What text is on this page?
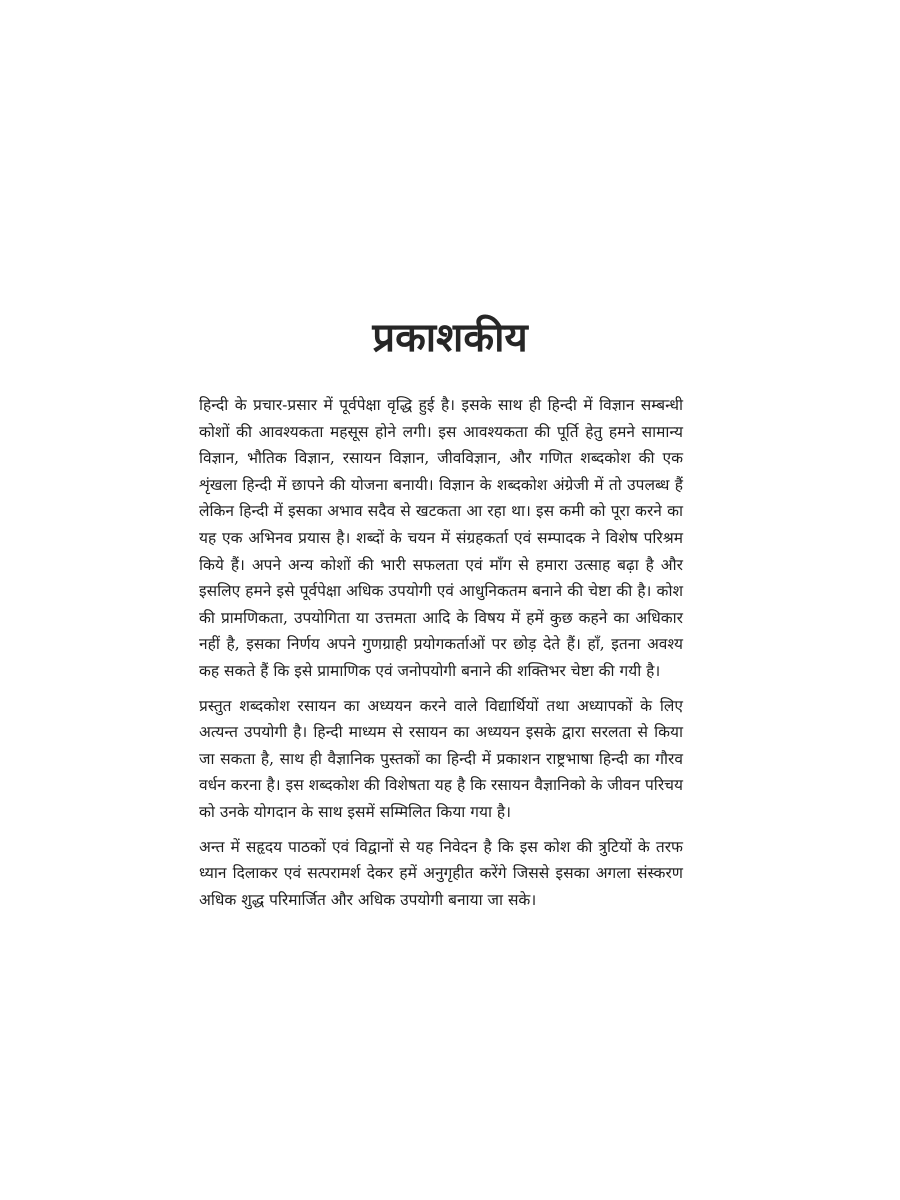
प्रकाशकीय

हिन्दी के प्रचार-प्रसार में पूर्वपेक्षा वृद्धि हुई है। इसके साथ ही हिन्दी में विज्ञान सम्बन्धी कोशों की आवश्यकता महसूस होने लगी। इस आवश्यकता की पूर्ति हेतु हमने सामान्य विज्ञान, भौतिक विज्ञान, रसायन विज्ञान, जीवविज्ञान, और गणित शब्दकोश की एक शृंखला हिन्दी में छापने की योजना बनायी। विज्ञान के शब्दकोश अंग्रेजी में तो उपलब्ध हैं लेकिन हिन्दी में इसका अभाव सदैव से खटकता आ रहा था। इस कमी को पूरा करने का यह एक अभिनव प्रयास है। शब्दों के चयन में संग्रहकर्ता एवं सम्पादक ने विशेष परिश्रम किये हैं। अपने अन्य कोशों की भारी सफलता एवं माँग से हमारा उत्साह बढ़ा है और इसलिए हमने इसे पूर्वपेक्षा अधिक उपयोगी एवं आधुनिकतम बनाने की चेष्टा की है। कोश की प्रामणिकता, उपयोगिता या उत्तमता आदि के विषय में हमें कुछ कहने का अधिकार नहीं है, इसका निर्णय अपने गुणग्राही प्रयोगकर्ताओं पर छोड़ देते हैं। हाँ, इतना अवश्य कह सकते हैं कि इसे प्रामाणिक एवं जनोपयोगी बनाने की शक्तिभर चेष्टा की गयी है।

प्रस्तुत शब्दकोश रसायन का अध्ययन करने वाले विद्यार्थियों तथा अध्यापकों के लिए अत्यन्त उपयोगी है। हिन्दी माध्यम से रसायन का अध्ययन इसके द्वारा सरलता से किया जा सकता है, साथ ही वैज्ञानिक पुस्तकों का हिन्दी में प्रकाशन राष्ट्रभाषा हिन्दी का गौरव वर्धन करना है। इस शब्दकोश की विशेषता यह है कि रसायन वैज्ञानिको के जीवन परिचय को उनके योगदान के साथ इसमें सम्मिलित किया गया है।

अन्त में सहृदय पाठकों एवं विद्वानों से यह निवेदन है कि इस कोश की त्रुटियों के तरफ ध्यान दिलाकर एवं सत्परामर्श देकर हमें अनुगृहीत करेंगे जिससे इसका अगला संस्करण अधिक शुद्ध परिमार्जित और अधिक उपयोगी बनाया जा सके।
